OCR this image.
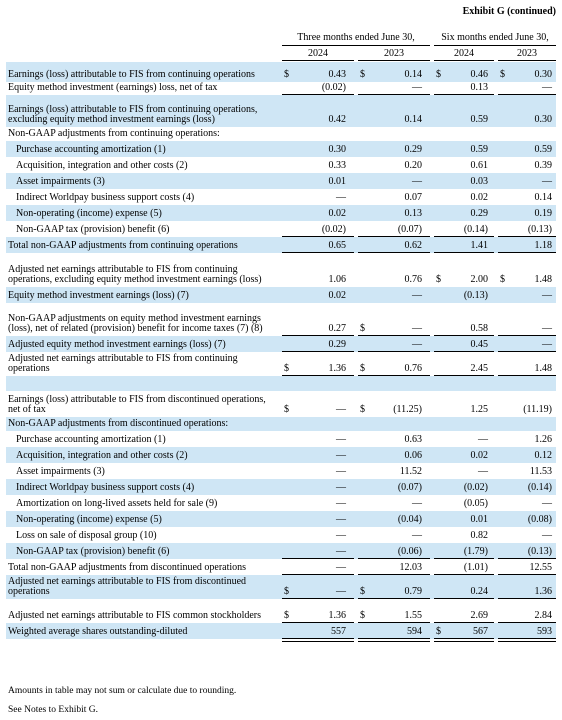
Exhibit G (continued)
Three months ended June 30,	Six months ended June 30,
2024	2023	2024	2023
Earnings (loss) attributable to FIS from continuing operations	$	0.43 $	0.14 $	0.46 $	0.30
Equity method investment (earnings) loss, net of tax	(0.02)	—	0.13	—
Earnings (loss) attributable to FIS from continuing operations, excluding equity method investment earnings (loss)	0.42	0.14	0.59	0.30
Non-GAAP adjustments from continuing operations:
Purchase accounting amortization (1)	0.30	0.29	0.59	0.59
Acquisition, integration and other costs (2)	0.33	0.20	0.61	0.39
Asset impairments (3)	0.01	—	0.03	—
Indirect Worldpay business support costs (4)	—	0.07	0.02	0.14
Non-operating (income) expense (5)	0.02	0.13	0.29	0.19
Non-GAAP tax (provision) benefit (6)	(0.02)	(0.07)	(0.14)	(0.13)
Total non-GAAP adjustments from continuing operations	0.65	0.62	1.41	1.18
Adjusted net earnings attributable to FIS from continuing operations, excluding equity method investment earnings (loss)	1.06	0.76 $	2.00 $	1.48
Equity method investment earnings (loss) (7)	0.02	—	(0.13)	—
Non-GAAP adjustments on equity method investment earnings (loss), net of related (provision) benefit for income taxes (7) (8)	0.27 $	—	0.58	—
Adjusted equity method investment earnings (loss) (7)	0.29	—	0.45	—
Adjusted net earnings attributable to FIS from continuing operations	$	1.36 $	0.76	2.45	1.48
Earnings (loss) attributable to FIS from discontinued operations, net of tax	$	— $	(11.25)	1.25	(11.19)
Non-GAAP adjustments from discontinued operations:
Purchase accounting amortization (1)	—	0.63	—	1.26
Acquisition, integration and other costs (2)	—	0.06	0.02	0.12
Asset impairments (3)	—	11.52	—	11.53
Indirect Worldpay business support costs (4)	—	(0.07)	(0.02)	(0.14)
Amortization on long-lived assets held for sale (9)	—	—	(0.05)	—
Non-operating (income) expense (5)	—	(0.04)	0.01	(0.08)
Loss on sale of disposal group (10)	—	—	0.82	—
Non-GAAP tax (provision) benefit (6)	—	(0.06)	(1.79)	(0.13)
Total non-GAAP adjustments from discontinued operations	—	12.03	(1.01)	12.55
Adjusted net earnings attributable to FIS from discontinued operations	$	— $	0.79	0.24	1.36
Adjusted net earnings attributable to FIS common stockholders	$	1.36 $	1.55	2.69	2.84
Weighted average shares outstanding-diluted	557	594 $	567	593
Amounts in table may not sum or calculate due to rounding.
See Notes to Exhibit G.
